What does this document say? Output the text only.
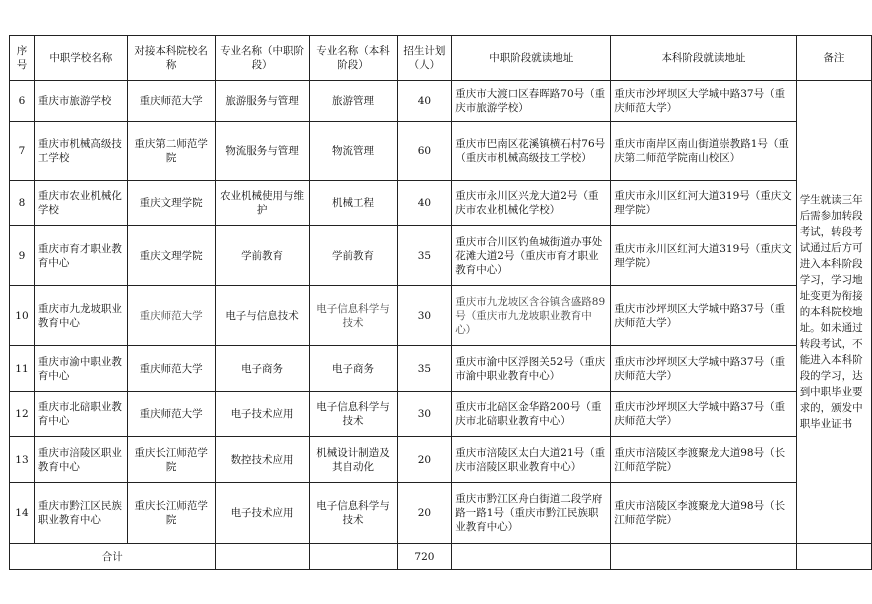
序号	中职学校名称	对接本科院校名称	专业名称（中职阶段）	专业名称（本科阶段）	招生计划（人）	中职阶段就读地址	本科阶段就读地址	备注
6	重庆市旅游学校	重庆师范大学	旅游服务与管理	旅游管理	40	重庆市大渡口区春晖路70号（重庆市旅游学校）	重庆市沙坪坝区大学城中路37号（重庆师范大学）	学生就读三年后需参加转段考试，转段考试通过后方可进入本科阶段学习，学习地址变更为衔接的本科院校地址。如未通过转段考试，不能进入本科阶段的学习，达到中职毕业要求的，颁发中职毕业证书
7	重庆市机械高级技工学校	重庆第二师范学院	物流服务与管理	物流管理	60	重庆市巴南区花溪镇横石村76号（重庆市机械高级技工学校）	重庆市南岸区南山街道崇教路1号（重庆第二师范学院南山校区）	
8	重庆市农业机械化学校	重庆文理学院	农业机械使用与维护	机械工程	40	重庆市永川区兴龙大道2号（重庆市农业机械化学校）	重庆市永川区红河大道319号（重庆文理学院）	
9	重庆市育才职业教育中心	重庆文理学院	学前教育	学前教育	35	重庆市合川区钓鱼城街道办事处花滩大道2号（重庆市育才职业教育中心）	重庆市永川区红河大道319号（重庆文理学院）	
10	重庆市九龙坡职业教育中心	重庆师范大学	电子与信息技术	电子信息科学与技术	30	重庆市九龙坡区含谷镇含盛路89号（重庆市九龙坡职业教育中心）	重庆市沙坪坝区大学城中路37号（重庆师范大学）	
11	重庆市渝中职业教育中心	重庆师范大学	电子商务	电子商务	35	重庆市渝中区浮图关52号（重庆市渝中职业教育中心）	重庆市沙坪坝区大学城中路37号（重庆师范大学）	
12	重庆市北碚职业教育中心	重庆师范大学	电子技术应用	电子信息科学与技术	30	重庆市北碚区金华路200号（重庆市北碚职业教育中心）	重庆市沙坪坝区大学城中路37号（重庆师范大学）	
13	重庆市涪陵区职业教育中心	重庆长江师范学院	数控技术应用	机械设计制造及其自动化	20	重庆市涪陵区太白大道21号（重庆市涪陵区职业教育中心）	重庆市涪陵区李渡聚龙大道98号（长江师范学院）	
14	重庆市黔江区民族职业教育中心	重庆长江师范学院	电子技术应用	电子信息科学与技术	20	重庆市黔江区舟白街道二段学府路一路1号（重庆市黔江民族职业教育中心）	重庆市涪陵区李渡聚龙大道98号（长江师范学院）	
合计					720			
